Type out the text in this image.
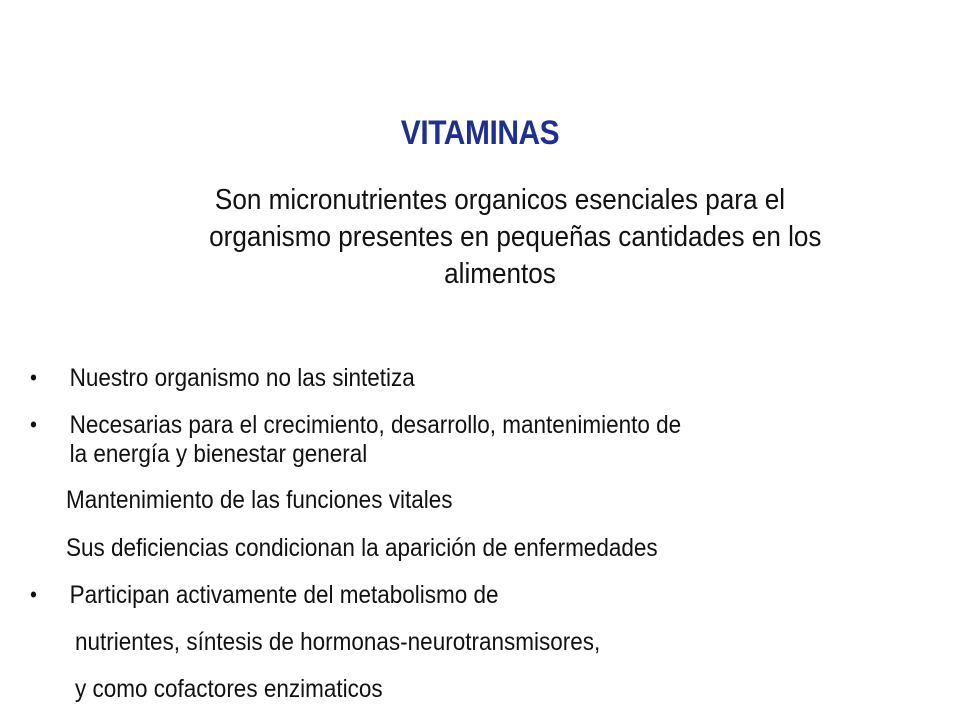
VITAMINAS
Son micronutrientes organicos esenciales para el
organismo presentes en pequeñas cantidades en los
alimentos
• Nuestro organismo no las sintetiza
• Necesarias para el crecimiento, desarrollo, mantenimiento de
la energía y bienestar general
Mantenimiento de las funciones vitales
Sus deficiencias condicionan la aparición de enfermedades
• Participan activamente del metabolismo de
nutrientes, síntesis de hormonas-neurotransmisores,
y como cofactores enzimaticos
